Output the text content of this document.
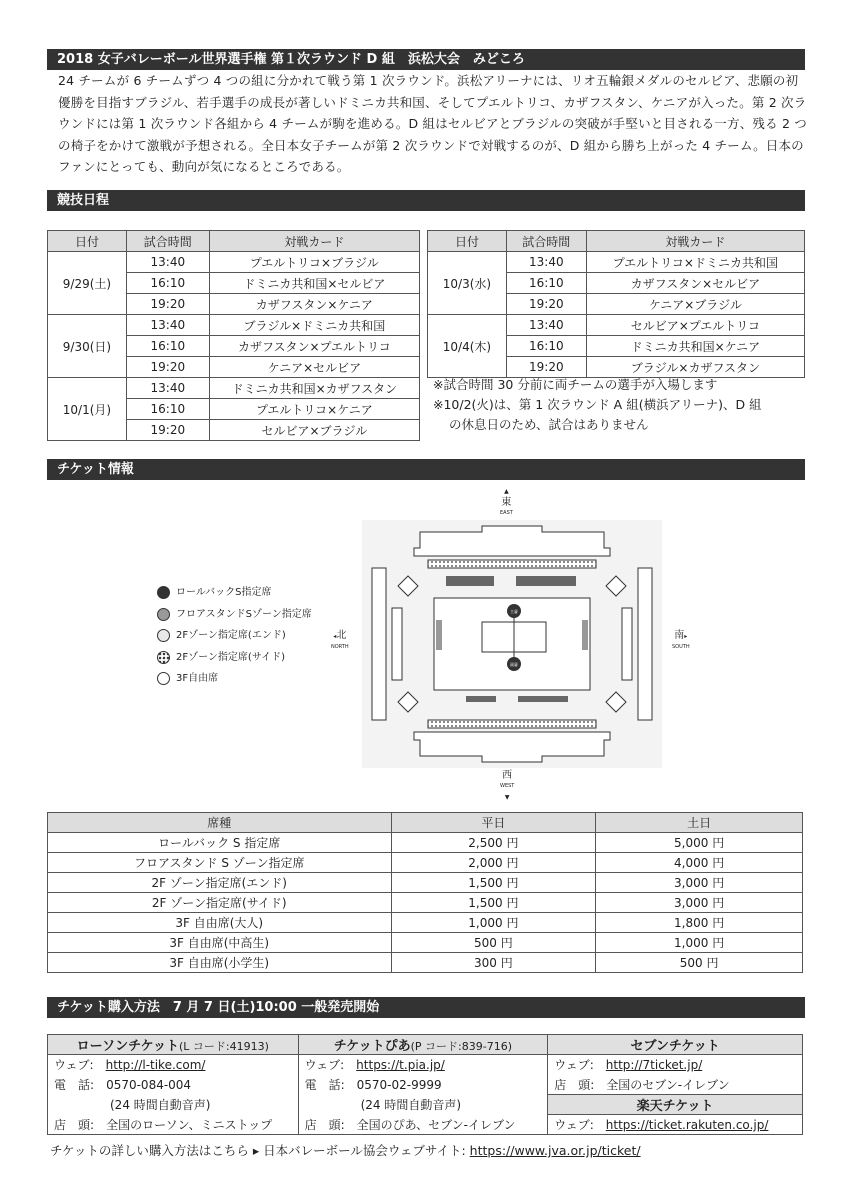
2018 女子バレーボール世界選手権 第１次ラウンド D 組　浜松大会　みどころ

24 チームが 6 チームずつ 4 つの組に分かれて戦う第 1 次ラウンド。浜松アリーナには、リオ五輪銀メダルのセルビア、悲願の初優勝を目指すブラジル、若手選手の成長が著しいドミニカ共和国、そしてプエルトリコ、カザフスタン、ケニアが入った。第 2 次ラウンドには第 1 次ラウンド各組から 4 チームが駒を進める。D 組はセルビアとブラジルの突破が手堅いと目される一方、残る 2 つの椅子をかけて激戦が予想される。全日本女子チームが第 2 次ラウンドで対戦するのが、D 組から勝ち上がった 4 チーム。日本のファンにとっても、動向が気になるところである。

競技日程
日付	試合時間	対戦カード
9/29(土)	13:40	プエルトリコ×ブラジル
	16:10	ドミニカ共和国×セルビア
	19:20	カザフスタン×ケニア
9/30(日)	13:40	ブラジル×ドミニカ共和国
	16:10	カザフスタン×プエルトリコ
	19:20	ケニア×セルビア
10/1(月)	13:40	ドミニカ共和国×カザフスタン
	16:10	プエルトリコ×ケニア
	19:20	セルビア×ブラジル
日付	試合時間	対戦カード
10/3(水)	13:40	プエルトリコ×ドミニカ共和国
	16:10	カザフスタン×セルビア
	19:20	ケニア×ブラジル
10/4(木)	13:40	セルビア×プエルトリコ
	16:10	ドミニカ共和国×ケニア
	19:20	ブラジル×カザフスタン
※試合時間 30 分前に両チームの選手が入場します
※10/2(火)は、第 1 次ラウンド A 組(横浜アリーナ)、D 組
の休息日のため、試合はありません
チケット情報
ロールバックS指定席
フロアスタンドSゾーン指定席
2Fゾーン指定席(エンド)
2Fゾーン指定席(サイド)
3F自由席
▲
東
EAST
西
WEST
▼
◂北
NORTH
南▸
SOUTH
主審
副審
席種	平日	土日
ロールバック S 指定席	2,500 円	5,000 円
フロアスタンド S ゾーン指定席	2,000 円	4,000 円
2F ゾーン指定席(エンド)	1,500 円	3,000 円
2F ゾーン指定席(サイド)	1,500 円	3,000 円
3F 自由席(大人)	1,000 円	1,800 円
3F 自由席(中高生)	500 円	1,000 円
3F 自由席(小学生)	300 円	500 円
チケット購入方法　7 月 7 日(土)10:00 一般発売開始
ローソンチケット(L コード:41913)	チケットぴあ(P コード:839-716)	セブンチケット
ウェブ:　 http://l-tike.com/	ウェブ:　 https://t.pia.jp/	ウェブ:　 http://7ticket.jp/
電　話:　 0570-084-004	電　話:　 0570-02-9999	店　頭:　 全国のセブン-イレブン
(24 時間自動音声)	(24 時間自動音声)	楽天チケット
店　頭:　 全国のローソン、ミニストップ	店　頭:　 全国のぴあ、セブン-イレブン	ウェブ:　 https://ticket.rakuten.co.jp/
チケットの詳しい購入方法はこちら ▸ 日本バレーボール協会ウェブサイト: https://www.jva.or.jp/ticket/
